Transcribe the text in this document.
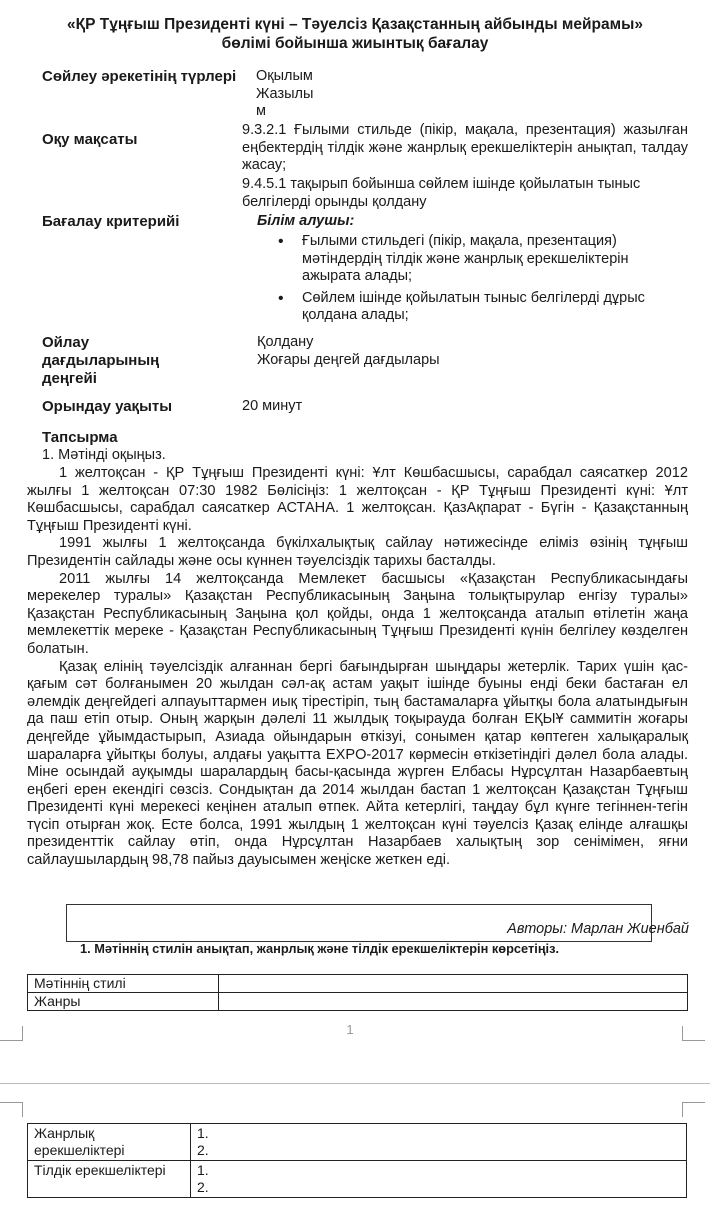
«ҚР Тұңғыш Президенті күні – Тәуелсіз Қазақстанның айбынды мейрамы»
бөлімі бойынша жиынтық бағалау
Сөйлеу әрекетінің түрлері	Оқылым
Жазылы
м
Оқу мақсаты
9.3.2.1 Ғылыми стильде (пікір, мақала, презентация) жазылған еңбектердің тілдік және жанрлық ерекшеліктерін анықтап, талдау жасау;
9.4.5.1 тақырып бойынша сөйлем ішінде қойылатын тыныс белгілерді орынды қолдану
Бағалау критерийі	Білім алушы:
• Ғылыми стильдегі (пікір, мақала, презентация) мәтіндердің тілдік және жанрлық ерекшеліктерін ажырата алады;
• Сөйлем ішінде қойылатын тыныс белгілерді дұрыс қолдана алады;
Ойлау
дағдыларының
деңгейі
Қолдану
Жоғары деңгей дағдылары
Орындау уақыты	20 минут
Тапсырма
1. Мәтінді оқыңыз.

1 желтоқсан - ҚР Тұңғыш Президенті күні: Ұлт Көшбасшысы, сарабдал саясаткер 2012 жылғы 1 желтоқсан 07:30 1982 Бөлісіңіз: 1 желтоқсан - ҚР Тұңғыш Президенті күні: Ұлт Көшбасшысы, сарабдал саясаткер АСТАНА. 1 желтоқсан. ҚазАқпарат - Бүгін - Қазақстанның Тұңғыш Президенті күні.

1991 жылғы 1 желтоқсанда бүкілхалықтық сайлау нәтижесінде еліміз өзінің тұңғыш Президентін сайлады және осы күннен тәуелсіздік тарихы басталды.

2011 жылғы 14 желтоқсанда Мемлекет басшысы «Қазақстан Республикасындағы мерекелер туралы» Қазақстан Республикасының Заңына толықтырулар енгізу туралы» Қазақстан Республикасының Заңына қол қойды, онда 1 желтоқсанда аталып өтілетін жаңа мемлекеттік мереке - Қазақстан Республикасының Тұңғыш Президенті күнін белгілеу көзделген болатын.

Қазақ елінің тәуелсіздік алғаннан бергі бағындырған шыңдары жетерлік. Тарих үшін қас-қағым сәт болғанымен 20 жылдан сәл-ақ астам уақыт ішінде буыны енді беки бастаған ел әлемдік деңгейдегі алпауыттармен иық тірестіріп, тың бастамаларға ұйытқы бола алатындығын да паш етіп отыр. Оның жарқын дәлелі 11 жылдық тоқырауда болған ЕҚЫҰ саммитін жоғары деңгейде ұйымдастырып, Азиада ойындарын өткізуі, сонымен қатар көптеген халықаралық шараларға ұйытқы болуы, алдағы уақытта EXPO-2017 көрмесін өткізетіндігі дәлел бола алады. Міне осындай ауқымды шаралардың басы-қасында жүрген Елбасы Нұрсұлтан Назарбаевтың еңбегі ерен екендігі сөзсіз. Сондықтан да 2014 жылдан бастап 1 желтоқсан Қазақстан Тұңғыш Президенті күні мерекесі кеңінен аталып өтпек. Айта кетерлігі, таңдау бұл күнге тегіннен-тегін түсіп отырған жоқ. Есте болса, 1991 жылдың 1 желтоқсан күні тәуелсіз Қазақ елінде алғашқы президенттік сайлау өтіп, онда Нұрсұлтан Назарбаев халықтың зор сенімімен, яғни сайлаушылардың 98,78 пайыз дауысымен жеңіске жеткен еді.

Авторы: Марлан Жиенбай
1. Мәтіннің стилін анықтап, жанрлық және тілдік ерекшеліктерін көрсетіңіз.
Мәтіннің стилі	
Жанры	
1
Жанрлық ерекшеліктері	1.
2.

Тілдік ерекшеліктері	1.
2.
